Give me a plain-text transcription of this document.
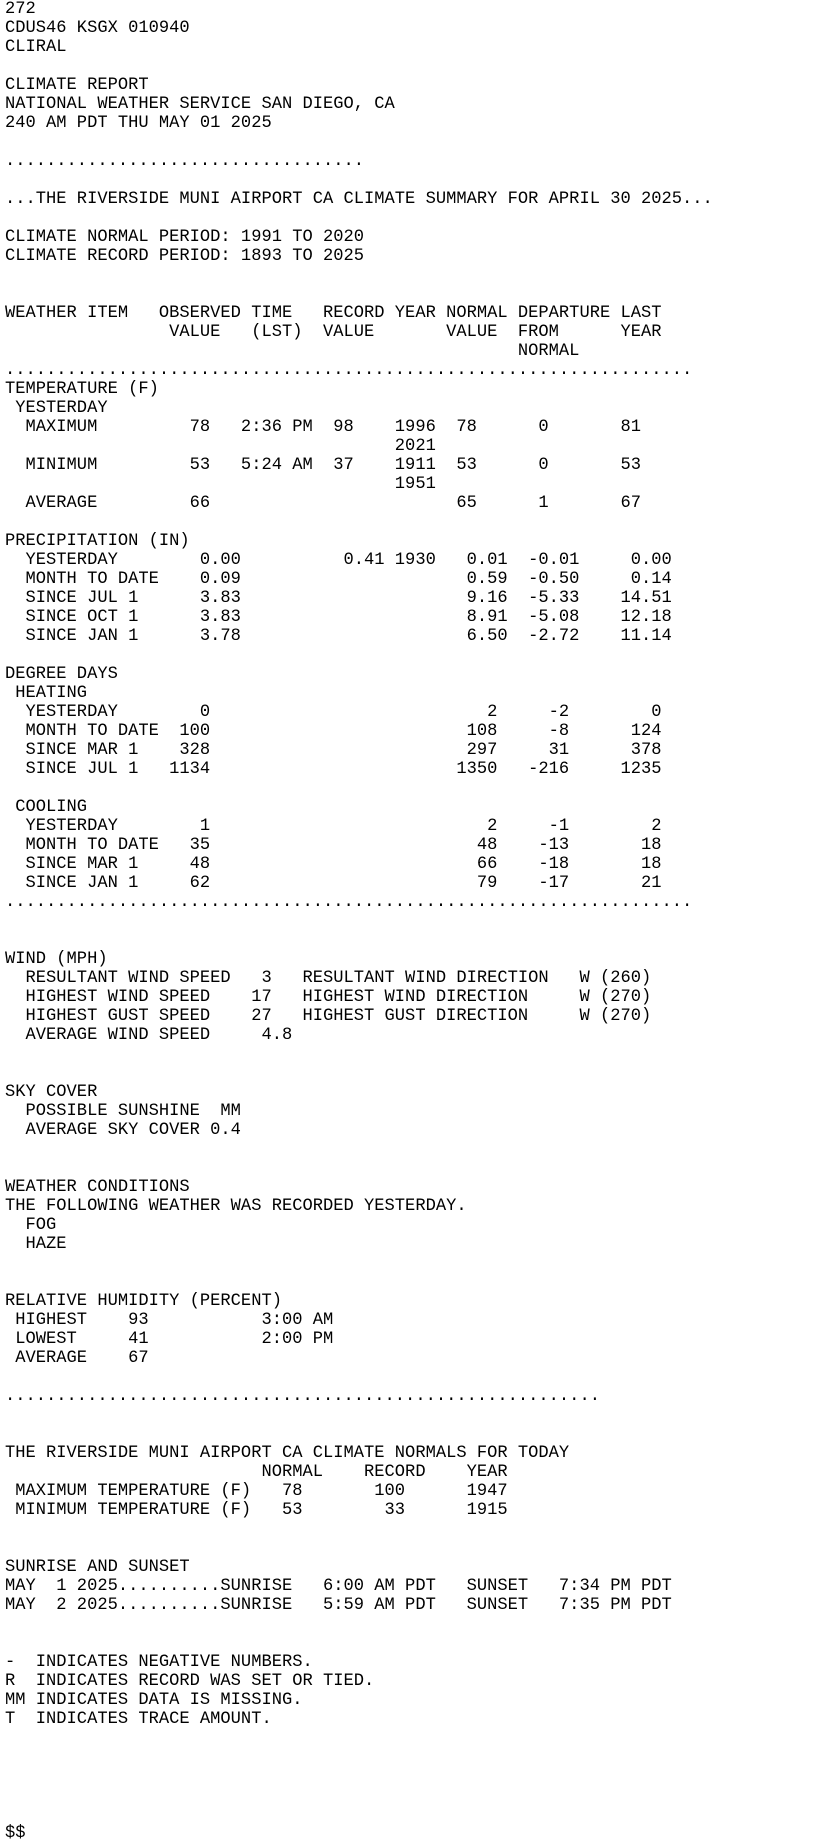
272
CDUS46 KSGX 010940
CLIRAL
CLIMATE REPORT
NATIONAL WEATHER SERVICE SAN DIEGO, CA
240 AM PDT THU MAY 01 2025
...................................
...THE RIVERSIDE MUNI AIRPORT CA CLIMATE SUMMARY FOR APRIL 30 2025...
CLIMATE NORMAL PERIOD: 1991 TO 2020
CLIMATE RECORD PERIOD: 1893 TO 2025
WEATHER ITEM   OBSERVED TIME   RECORD YEAR NORMAL DEPARTURE LAST
VALUE   (LST)  VALUE       VALUE  FROM      YEAR
NORMAL
...................................................................
TEMPERATURE (F)
YESTERDAY
MAXIMUM         78   2:36 PM  98    1996  78      0       81
2021
MINIMUM         53   5:24 AM  37    1911  53      0       53
1951
AVERAGE         66                        65      1       67
PRECIPITATION (IN)
YESTERDAY        0.00          0.41 1930   0.01  -0.01     0.00
MONTH TO DATE    0.09                      0.59  -0.50     0.14
SINCE JUL 1      3.83                      9.16  -5.33    14.51
SINCE OCT 1      3.83                      8.91  -5.08    12.18
SINCE JAN 1      3.78                      6.50  -2.72    11.14
DEGREE DAYS
HEATING
YESTERDAY        0                           2     -2        0
MONTH TO DATE  100                         108     -8      124
SINCE MAR 1    328                         297     31      378
SINCE JUL 1   1134                        1350   -216     1235
COOLING
YESTERDAY        1                           2     -1        2
MONTH TO DATE   35                          48    -13       18
SINCE MAR 1     48                          66    -18       18
SINCE JAN 1     62                          79    -17       21
...................................................................
WIND (MPH)
RESULTANT WIND SPEED   3   RESULTANT WIND DIRECTION   W (260)
HIGHEST WIND SPEED    17   HIGHEST WIND DIRECTION     W (270)
HIGHEST GUST SPEED    27   HIGHEST GUST DIRECTION     W (270)
AVERAGE WIND SPEED     4.8
SKY COVER
POSSIBLE SUNSHINE  MM
AVERAGE SKY COVER 0.4
WEATHER CONDITIONS
THE FOLLOWING WEATHER WAS RECORDED YESTERDAY.
FOG
HAZE
RELATIVE HUMIDITY (PERCENT)
HIGHEST    93           3:00 AM
LOWEST     41           2:00 PM
AVERAGE    67
..........................................................
THE RIVERSIDE MUNI AIRPORT CA CLIMATE NORMALS FOR TODAY
NORMAL    RECORD    YEAR
MAXIMUM TEMPERATURE (F)   78       100      1947
MINIMUM TEMPERATURE (F)   53        33      1915
SUNRISE AND SUNSET
MAY  1 2025..........SUNRISE   6:00 AM PDT   SUNSET   7:34 PM PDT
MAY  2 2025..........SUNRISE   5:59 AM PDT   SUNSET   7:35 PM PDT
-  INDICATES NEGATIVE NUMBERS.
R  INDICATES RECORD WAS SET OR TIED.
MM INDICATES DATA IS MISSING.
T  INDICATES TRACE AMOUNT.
$$
